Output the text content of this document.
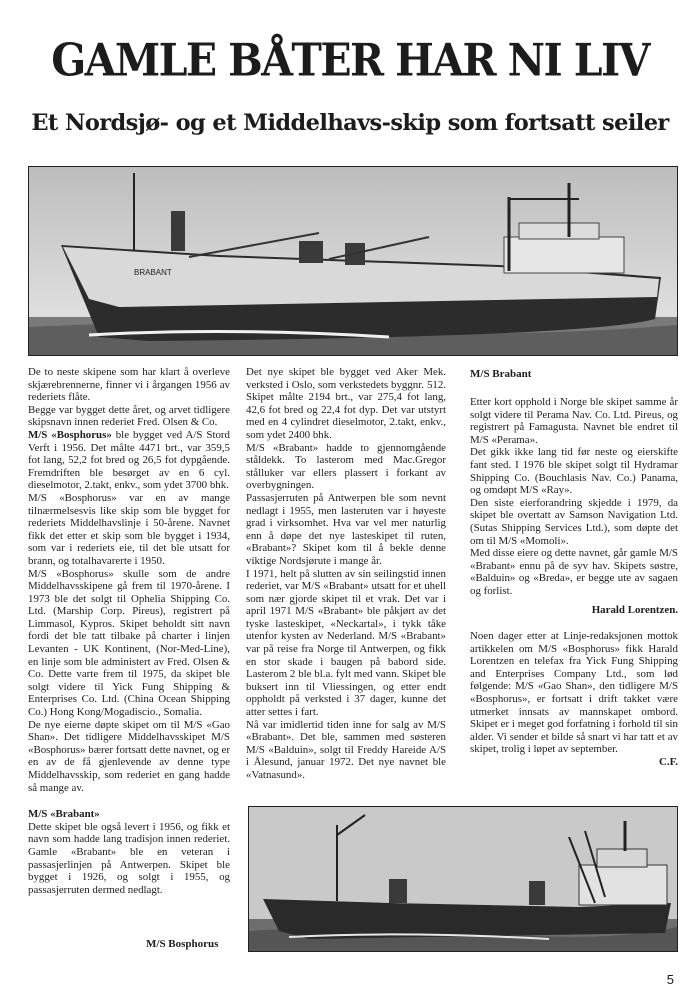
GAMLE BÅTER HAR NI LIV
Et Nordsjø- og et Middelhavs-skip som fortsatt seiler
BRABANT

De to neste skipene som har klart å overleve skjærebrennerne, finner vi i årgangen 1956 av rederiets flåte.

Begge var bygget dette året, og arvet tidligere skipsnavn innen rederiet Fred. Olsen & Co.

M/S «Bosphorus» ble bygget ved A/S Stord Verft i 1956. Det målte 4471 brt., var 359,5 fot lang, 52,2 fot bred og 26,5 fot dypgående. Fremdriften ble besørget av en 6 cyl. dieselmotor, 2.takt, enkv., som ydet 3700 bhk.

M/S «Bosphorus» var en av mange tilnærmelsesvis like skip som ble bygget for rederiets Middelhavslinje i 50-årene. Navnet fikk det etter et skip som ble bygget i 1934, som var i rederiets eie, til det ble utsatt for brann, og totalhavarerte i 1950.

M/S «Bosphorus» skulle som de andre Middelhavsskipene gå frem til 1970-årene. I 1973 ble det solgt til Ophelia Shipping Co. Ltd. (Marship Corp. Pireus), registrert på Limmasol, Kypros. Skipet beholdt sitt navn fordi det ble tatt tilbake på charter i linjen Levanten - UK Kontinent, (Nor-Med-Line), en linje som ble administert av Fred. Olsen & Co. Dette varte frem til 1975, da skipet ble solgt videre til Yick Fung Shipping & Enterprises Co. Ltd. (China Ocean Shipping Co.) Hong Kong/Mogadiscio., Somalia.

De nye eierne døpte skipet om til M/S «Gao Shan». Det tidligere Middelhavsskipet M/S «Bosphorus» bærer fortsatt dette navnet, og er en av de få gjenlevende av denne type Middelhavsskip, som rederiet en gang hadde så mange av.

M/S «Brabant»

Dette skipet ble også levert i 1956, og fikk et navn som hadde lang tradisjon innen rederiet. Gamle «Brabant» ble en veteran i passasjerlinjen på Antwerpen. Skipet ble bygget i 1926, og solgt i 1955, og passasjerruten dermed nedlagt.

Det nye skipet ble bygget ved Aker Mek. verksted i Oslo, som verkstedets byggnr. 512. Skipet målte 2194 brt., var 275,4 fot lang, 42,6 fot bred og 22,4 fot dyp. Det var utstyrt med en 4 cylindret dieselmotor, 2.takt, enkv., som ydet 2400 bhk.

M/S «Brabant» hadde to gjennomgående ståldekk. To lasterom med Mac.Gregor stålluker var ellers plassert i forkant av overbygningen.

Passasjerruten på Antwerpen ble som nevnt nedlagt i 1955, men lasteruten var i høyeste grad i virksomhet. Hva var vel mer naturlig enn å døpe det nye lasteskipet til ruten, «Brabant»? Skipet kom til å bekle denne viktige Nordsjørute i mange år.

I 1971, helt på slutten av sin seilingstid innen rederiet, var M/S «Brabant» utsatt for et uhell som nær gjorde skipet til et vrak. Det var i april 1971 M/S «Brabant» ble påkjørt av det tyske lasteskipet, «Neckartal», i tykk tåke utenfor kysten av Nederland. M/S «Brabant» var på reise fra Norge til Antwerpen, og fikk en stor skade i baugen på babord side. Lasterom 2 ble bl.a. fylt med vann. Skipet ble buksert inn til Vliessingen, og etter endt oppholdt på verksted i 37 dager, kunne det atter settes i fart.

Nå var imidlertid tiden inne for salg av M/S «Brabant». Det ble, sammen med søsteren M/S «Balduin», solgt til Freddy Hareide A/S i Ålesund, januar 1972. Det nye navnet ble «Vatnasund».

M/S Brabant

Etter kort opphold i Norge ble skipet samme år solgt videre til Perama Nav. Co. Ltd. Pireus, og registrert på Famagusta. Navnet ble endret til M/S «Perama».

Det gikk ikke lang tid før neste og eierskifte fant sted. I 1976 ble skipet solgt til Hydramar Shipping Co. (Bouchlasis Nav. Co.) Panama, og omdøpt M/S «Ray».

Den siste eierforandring skjedde i 1979, da skipet ble overtatt av Samson Navigation Ltd. (Sutas Shipping Services Ltd.), som døpte det om til M/S «Momoli».

Med disse eiere og dette navnet, går gamle M/S «Brabant» ennu på de syv hav. Skipets søstre, «Balduin» og «Breda», er begge ute av sagaen og forlist.

Harald Lorentzen.

Noen dager etter at Linje-redaksjonen mottok artikkelen om M/S «Bosphorus» fikk Harald Lorentzen en telefax fra Yick Fung Shipping and Enterprises Company Ltd., som lød følgende: M/S «Gao Shan», den tidligere M/S «Bosphorus», er fortsatt i drift takket være utmerket innsats av mannskapet ombord. Skipet er i meget god forfatning i forhold til sin alder. Vi sender et bilde så snart vi har tatt et av skipet, trolig i løpet av september.

C.F.

M/S Bosphorus
5
